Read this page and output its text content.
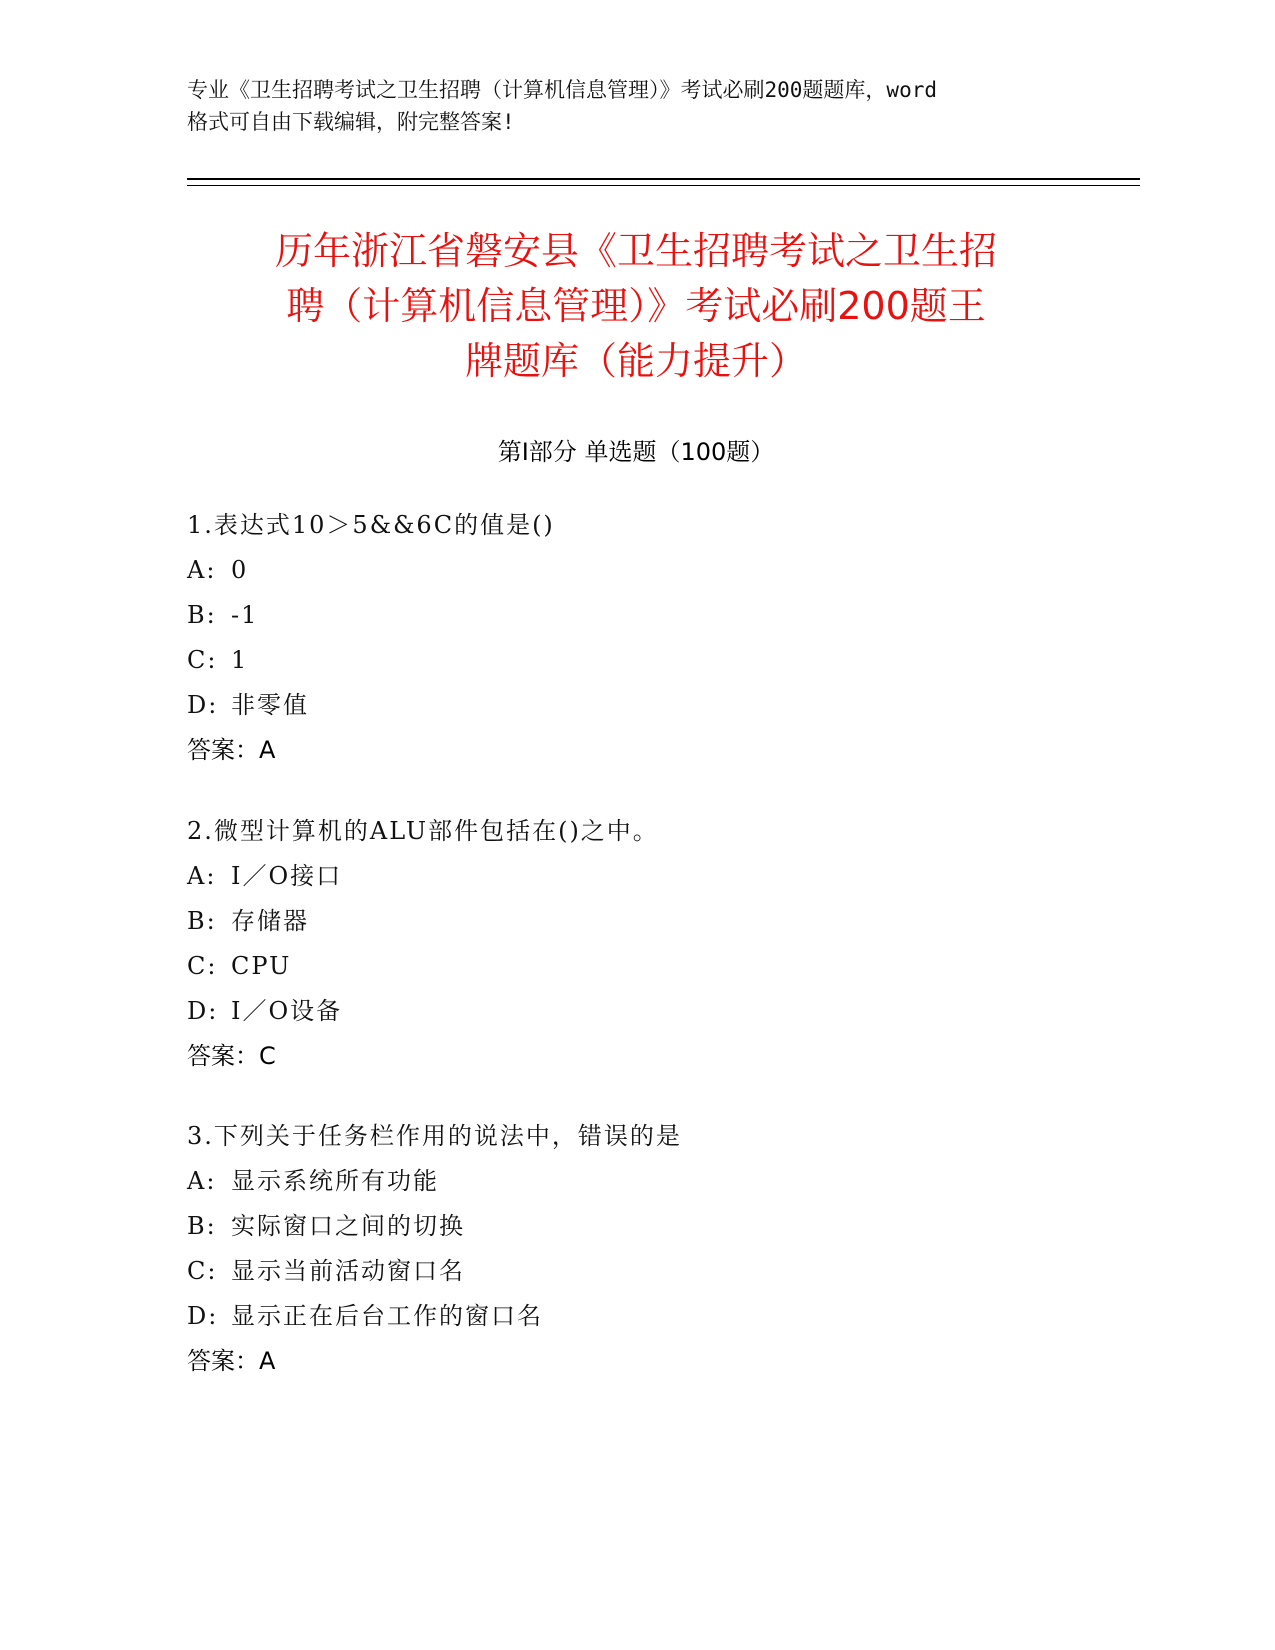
专业《卫生招聘考试之卫生招聘（计算机信息管理）》考试必刷200题题库，word
格式可自由下载编辑，附完整答案!
历年浙江省磐安县《卫生招聘考试之卫生招
聘（计算机信息管理）》考试必刷200题王
牌题库（能力提升）
第Ⅰ部分 单选题（100题）
1.表达式10＞5&&6C的值是()
A: 0
B: -1
C: 1
D: 非零值
答案：A
2.微型计算机的ALU部件包括在()之中。
A: I／O接口
B: 存储器
C: CPU
D: I／O设备
答案：C
3.下列关于任务栏作用的说法中，错误的是
A: 显示系统所有功能
B: 实际窗口之间的切换
C: 显示当前活动窗口名
D: 显示正在后台工作的窗口名
答案：A
